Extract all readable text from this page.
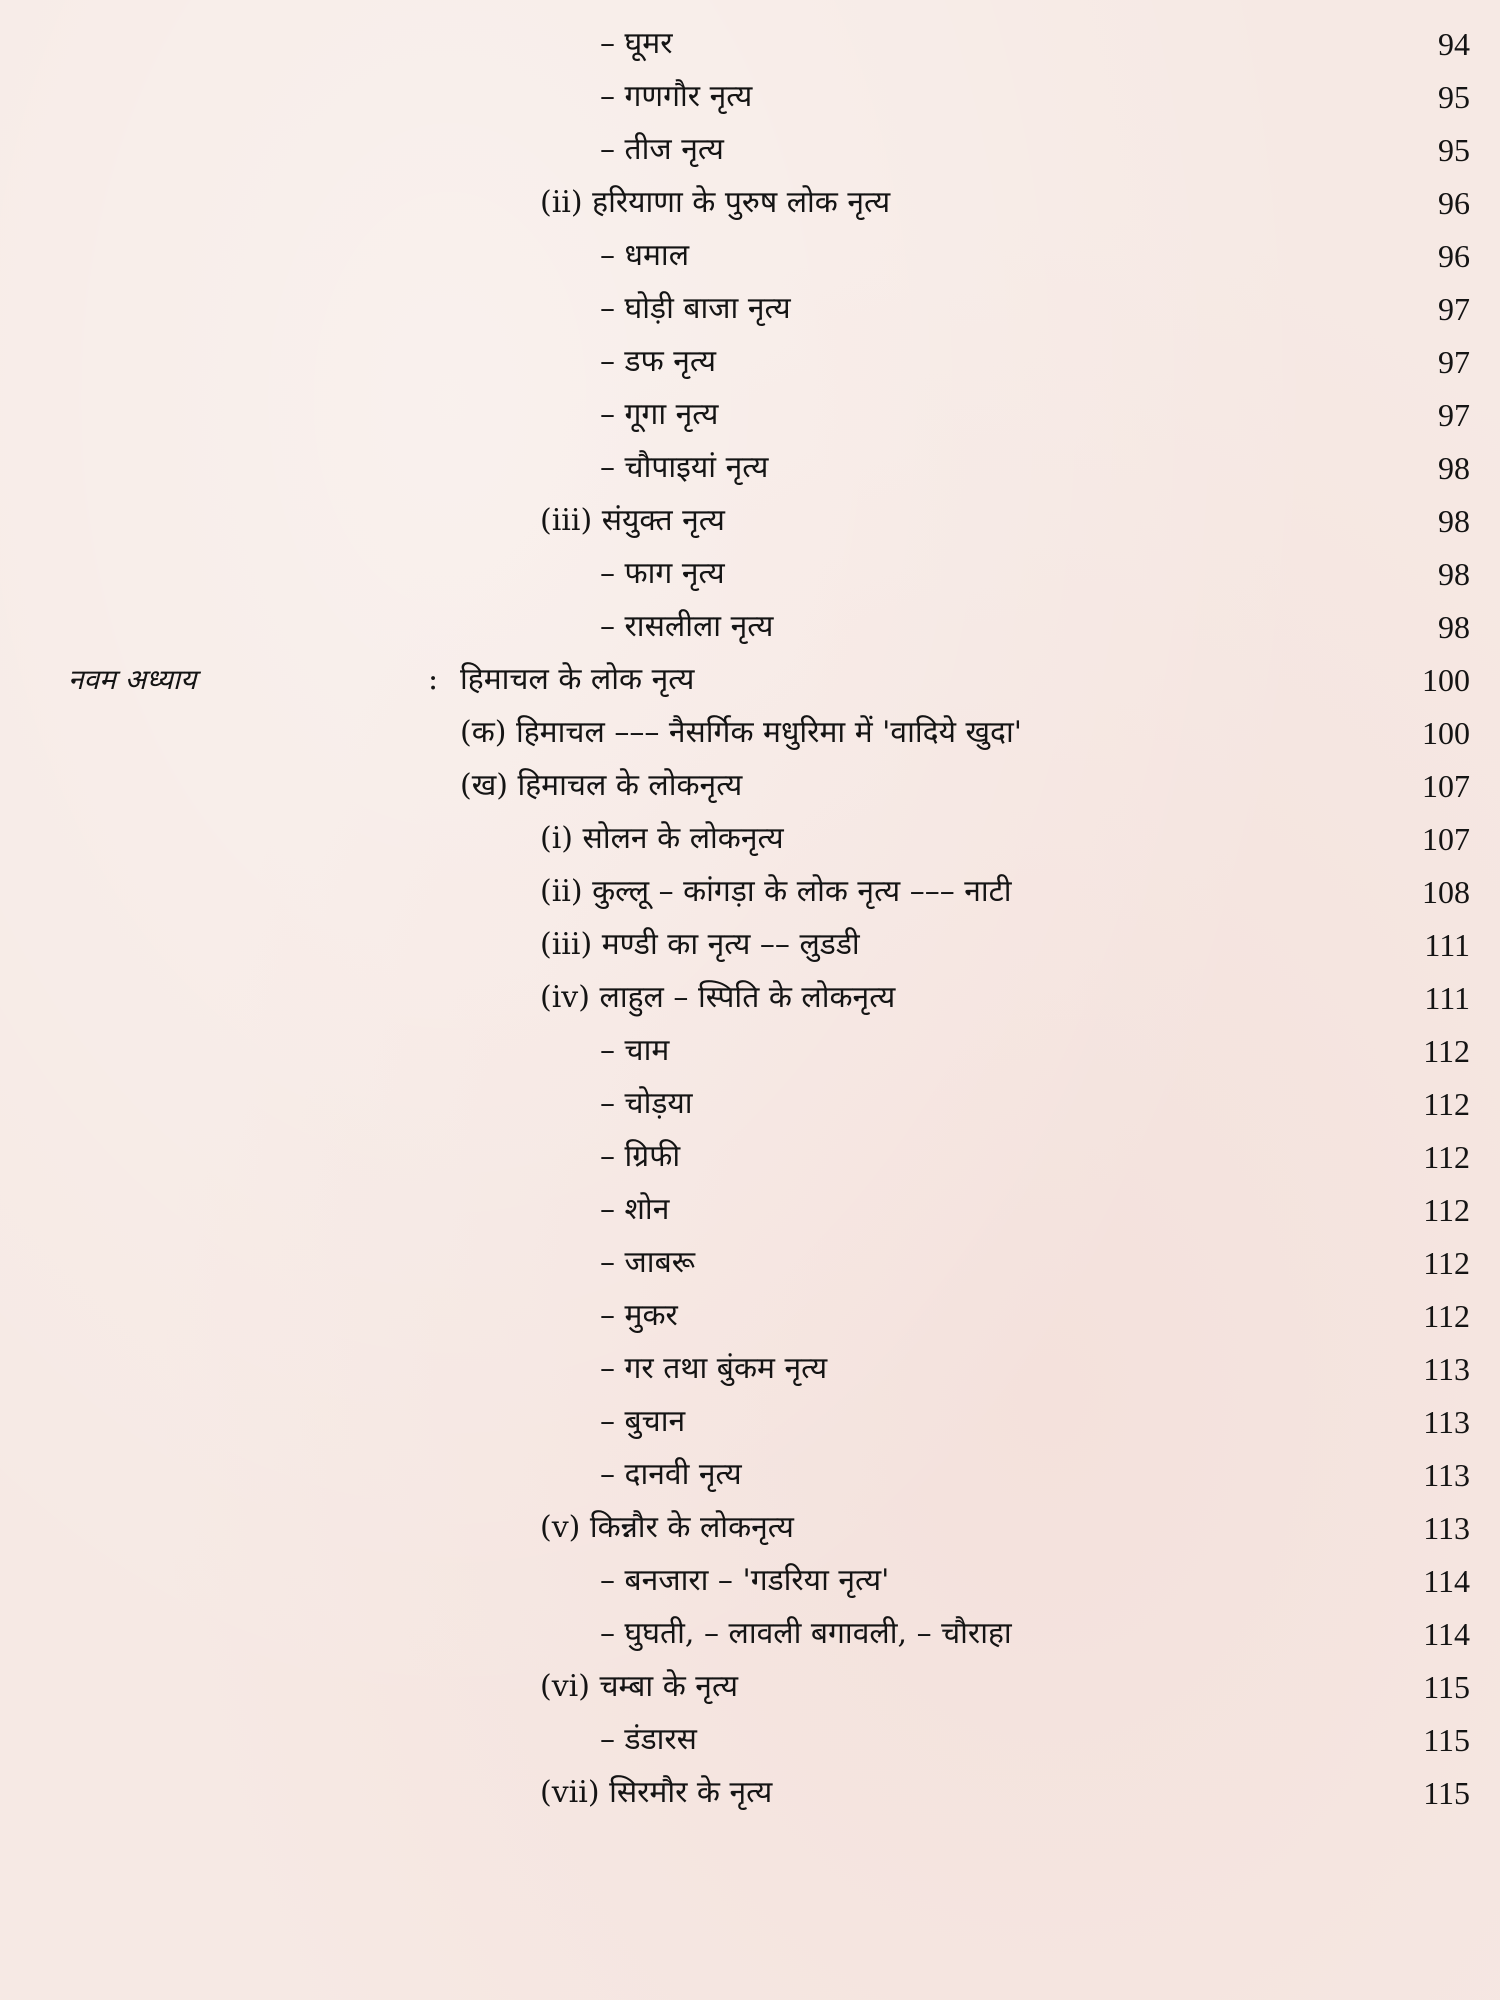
– घूमर	94
– गणगौर नृत्य	95
– तीज नृत्य	95
(ii) हरियाणा के पुरुष लोक नृत्य	96
– धमाल	96
– घोड़ी बाजा नृत्य	97
– डफ नृत्य	97
– गूगा नृत्य	97
– चौपाइयां नृत्य	98
(iii) संयुक्त नृत्य	98
– फाग नृत्य	98
– रासलीला नृत्य	98
नवम अध्याय	: हिमाचल के लोक नृत्य	100
(क) हिमाचल ––– नैसर्गिक मधुरिमा में 'वादिये खुदा'	100
(ख) हिमाचल के लोकनृत्य	107
(i) सोलन के लोकनृत्य	107
(ii) कुल्लू – कांगड़ा के लोक नृत्य ––– नाटी	108
(iii) मण्डी का नृत्य –– लुडडी	111
(iv) लाहुल – स्पिति के लोकनृत्य	111
– चाम	112
– चोड़या	112
– ग्रिफी	112
– शोन	112
– जाबरू	112
– मुकर	112
– गर तथा बुंकम नृत्य	113
– बुचान	113
– दानवी नृत्य	113
(v) किन्नौर के लोकनृत्य	113
– बनजारा – 'गडरिया नृत्य'	114
– घुघती, – लावली बगावली, – चौराहा	114
(vi) चम्बा के नृत्य	115
– डंडारस	115
(vii) सिरमौर के नृत्य	115
